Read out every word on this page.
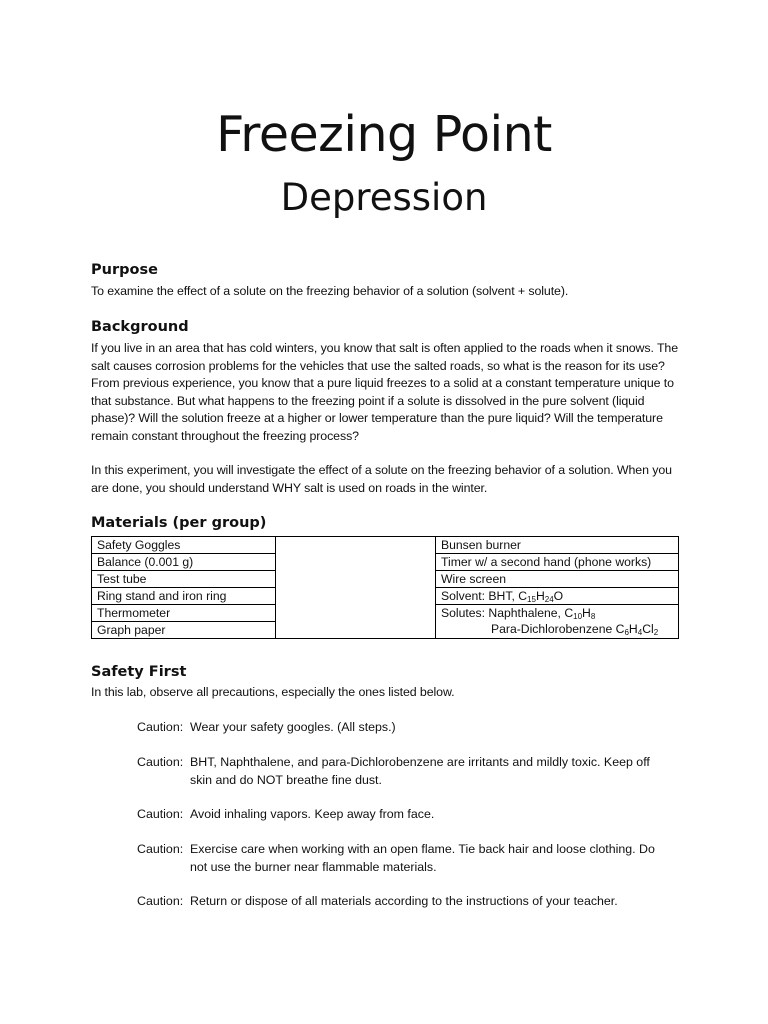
Freezing Point
Depression
Purpose

To examine the effect of a solute on the freezing behavior of a solution (solvent + solute).

Background

If you live in an area that has cold winters, you know that salt is often applied to the roads when it snows. The salt causes corrosion problems for the vehicles that use the salted roads, so what is the reason for its use? From previous experience, you know that a pure liquid freezes to a solid at a constant temperature unique to that substance. But what happens to the freezing point if a solute is dissolved in the pure solvent (liquid phase)? Will the solution freeze at a higher or lower temperature than the pure liquid? Will the temperature remain constant throughout the freezing process?

In this experiment, you will investigate the effect of a solute on the freezing behavior of a solution. When you are done, you should understand WHY salt is used on roads in the winter.

Materials (per group)
Safety Goggles		Bunsen burner
Balance (0.001 g)		Timer w/ a second hand (phone works)
Test tube		Wire screen
Ring stand and iron ring		Solvent: BHT, $C_{15}H_{24}O$
Thermometer		Solutes: Naphthalene, $C_{10}H_8$
Para-Dichlorobenzene $C_6H_4Cl_2$

Graph paper		
Safety First

In this lab, observe all precautions, especially the ones listed below.

Caution: Wear your safety googles. (All steps.)
Caution: BHT, Naphthalene, and para-Dichlorobenzene are irritants and mildly toxic. Keep off skin and do NOT breathe fine dust.
Caution: Avoid inhaling vapors. Keep away from face.
Caution: Exercise care when working with an open flame. Tie back hair and loose clothing. Do not use the burner near flammable materials.
Caution: Return or dispose of all materials according to the instructions of your teacher.
